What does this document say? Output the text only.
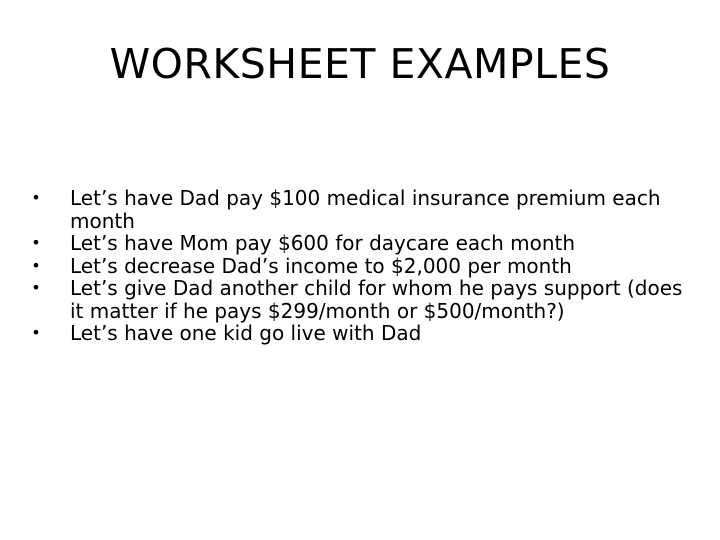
WORKSHEET EXAMPLES
• Let’s have Dad pay $100 medical insurance premium each month
• Let’s have Mom pay $600 for daycare each month
• Let’s decrease Dad’s income to $2,000 per month
• Let’s give Dad another child for whom he pays support (does it matter if he pays $299/month or $500/month?)
• Let’s have one kid go live with Dad
